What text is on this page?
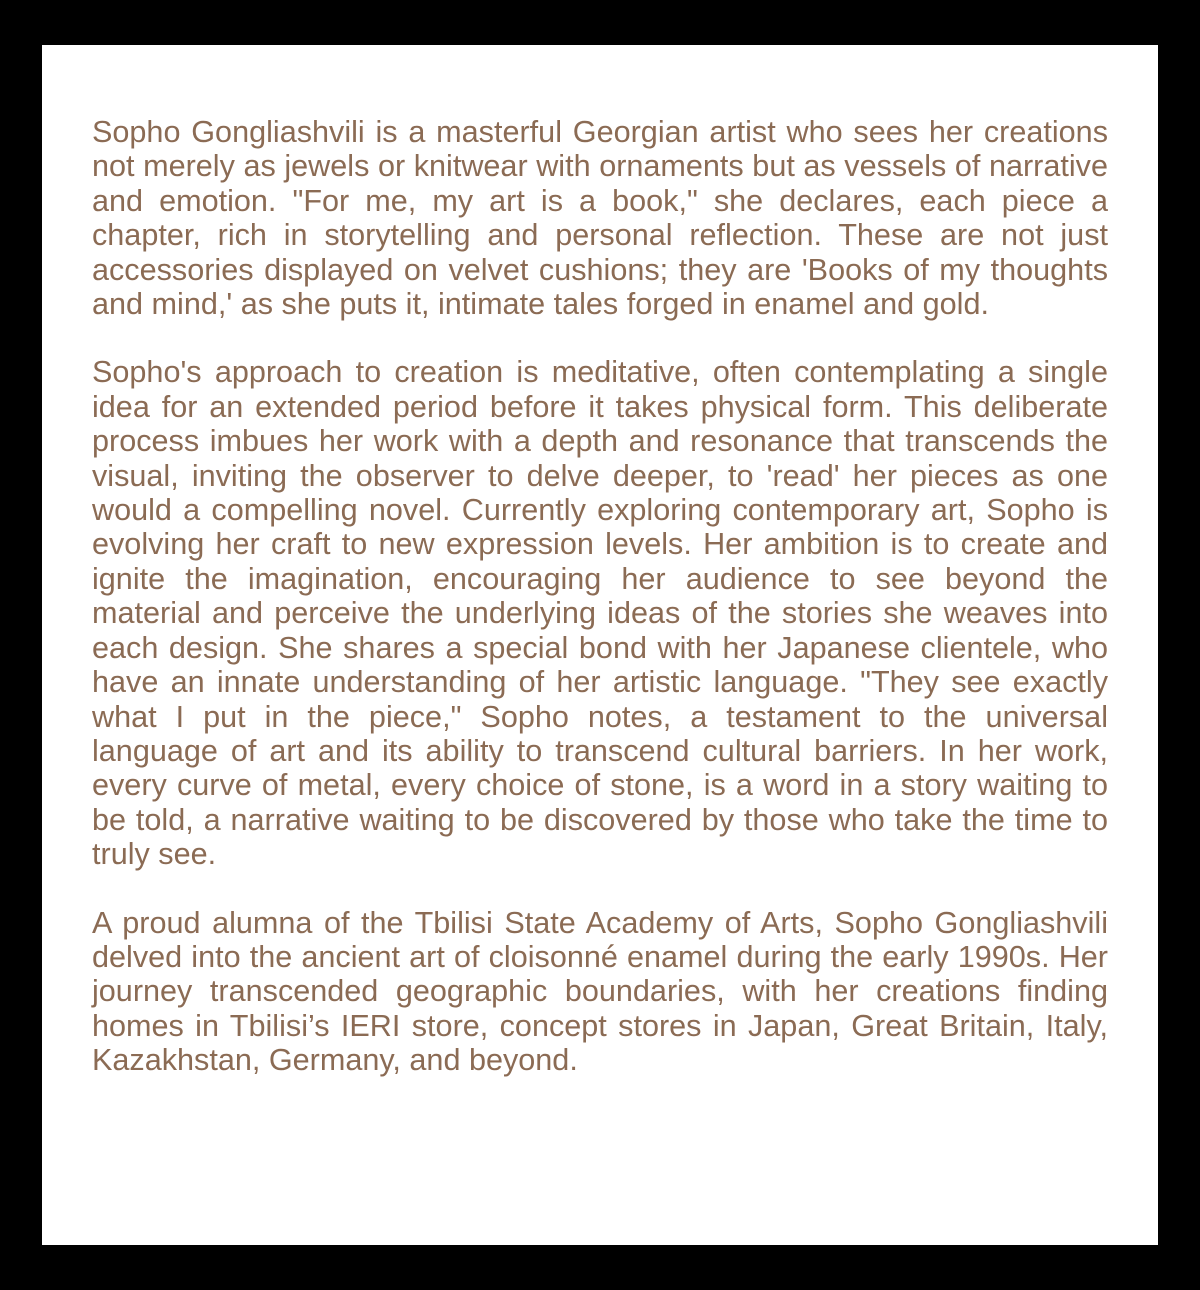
Sopho Gongliashvili is a masterful Georgian artist who sees her creations not merely as jewels or knitwear with ornaments but as vessels of narrative and emotion. "For me, my art is a book," she declares, each piece a chapter, rich in storytelling and personal reflection. These are not just accessories displayed on velvet cushions; they are 'Books of my thoughts and mind,' as she puts it, intimate tales forged in enamel and gold.

Sopho's approach to creation is meditative, often contemplating a single idea for an extended period before it takes physical form. This deliberate process imbues her work with a depth and resonance that transcends the visual, inviting the observer to delve deeper, to 'read' her pieces as one would a compelling novel. Currently exploring contemporary art, Sopho is evolving her craft to new expression levels. Her ambition is to create and ignite the imagination, encouraging her audience to see beyond the material and perceive the underlying ideas of the stories she weaves into each design. She shares a special bond with her Japanese clientele, who have an innate understanding of her artistic language. "They see exactly what I put in the piece," Sopho notes, a testament to the universal language of art and its ability to transcend cultural barriers. In her work, every curve of metal, every choice of stone, is a word in a story waiting to be told, a narrative waiting to be discovered by those who take the time to truly see.

A proud alumna of the Tbilisi State Academy of Arts, Sopho Gongliashvili delved into the ancient art of cloisonné enamel during the early 1990s. Her journey transcended geographic boundaries, with her creations finding homes in Tbilisi’s IERI store, concept stores in Japan, Great Britain, Italy, Kazakhstan, Germany, and beyond.
